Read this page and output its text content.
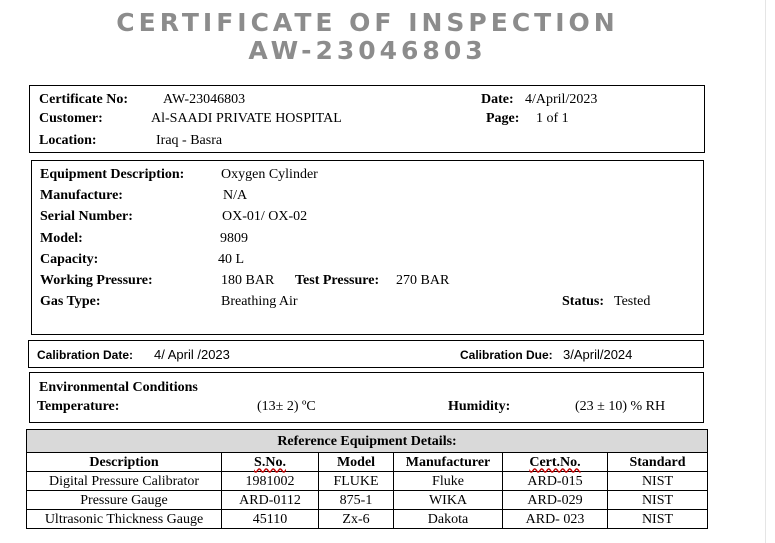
CERTIFICATE OF INSPECTION
AW-23046803
Certificate No: AW-23046803
Customer:	Al-SAADI PRIVATE HOSPITAL
Location:	Iraq - Basra
Date: 4/April/2023
Page: 1 of 1
Equipment Description:	Oxygen Cylinder
Manufacture:	N/A
Serial Number:	OX-01/ OX-02
Model:	9809
Capacity:	40 L
Working Pressure:	180 BAR Test Pressure: 270 BAR
Gas Type:	Breathing Air	Status: Tested
Calibration Date: 4/ April /2023	Calibration Due: 3/April/2024
Environmental Conditions
Temperature:	(13± 2) ºC	Humidity:	(23 ± 10) % RH
Reference Equipment Details:					
Description	S.No.	Model	Manufacturer	Cert.No.	Standard
Digital Pressure Calibrator	1981002	FLUKE	Fluke	ARD-015	NIST
Pressure Gauge	ARD-0112	875-1	WIKA	ARD-029	NIST
Ultrasonic Thickness Gauge	45110	Zx-6	Dakota	ARD- 023	NIST
